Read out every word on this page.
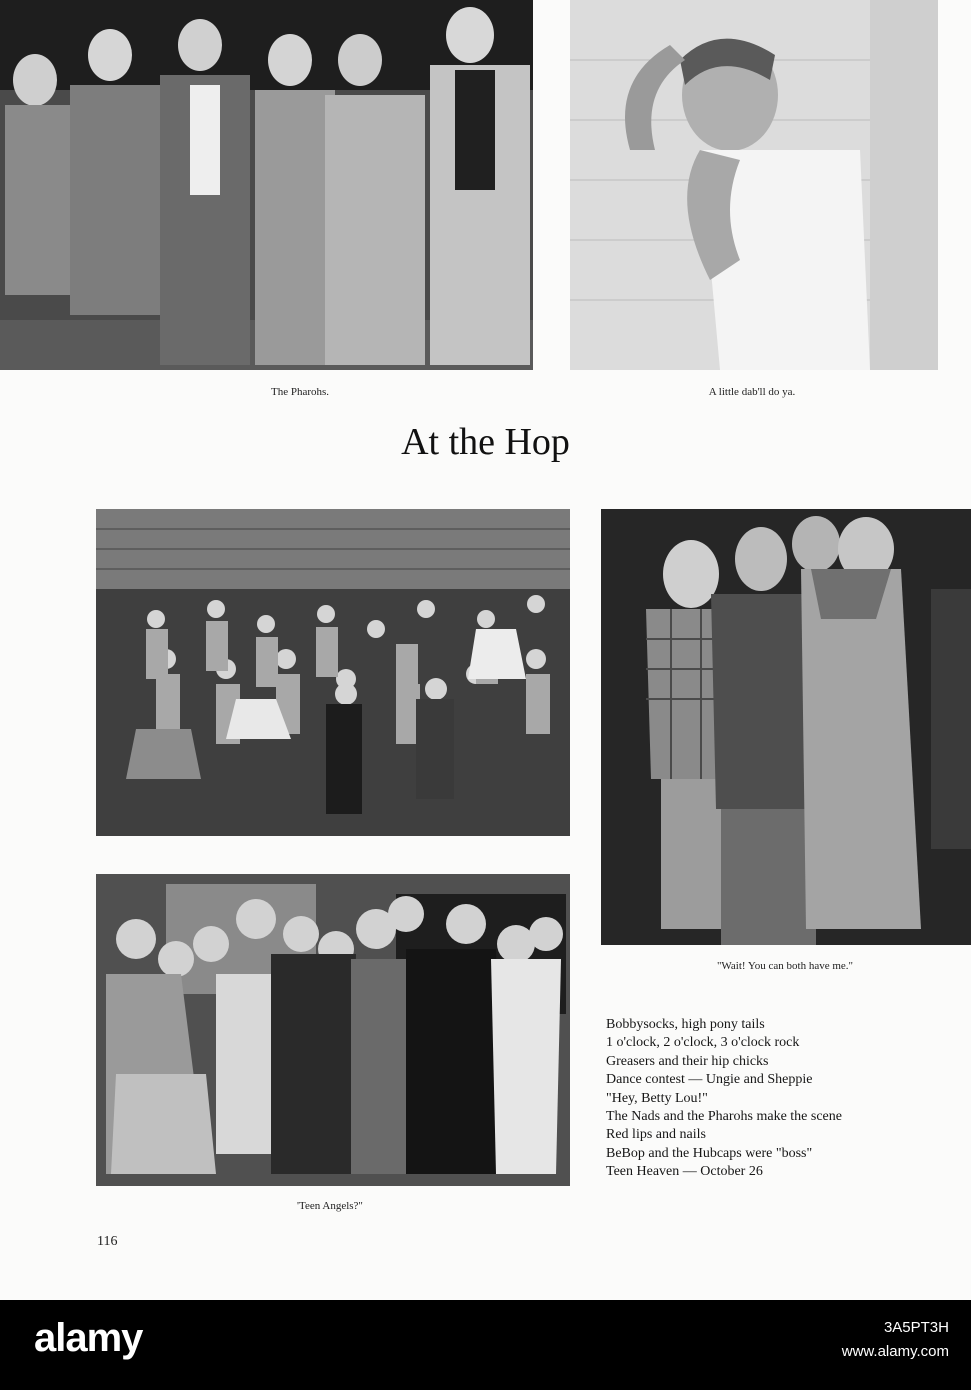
The Pharohs.	A little dab'll do ya.
At the Hop
"Wait! You can both have me."
'Teen Angels?"
Bobbysocks, high pony tails
1 o'clock, 2 o'clock, 3 o'clock rock
Greasers and their hip chicks
Dance contest — Ungie and Sheppie
"Hey, Betty Lou!"
The Nads and the Pharohs make the scene
Red lips and nails
BeBop and the Hubcaps were "boss"
Teen Heaven — October 26
116
alamy	3A5PT3H
www.alamy.com
